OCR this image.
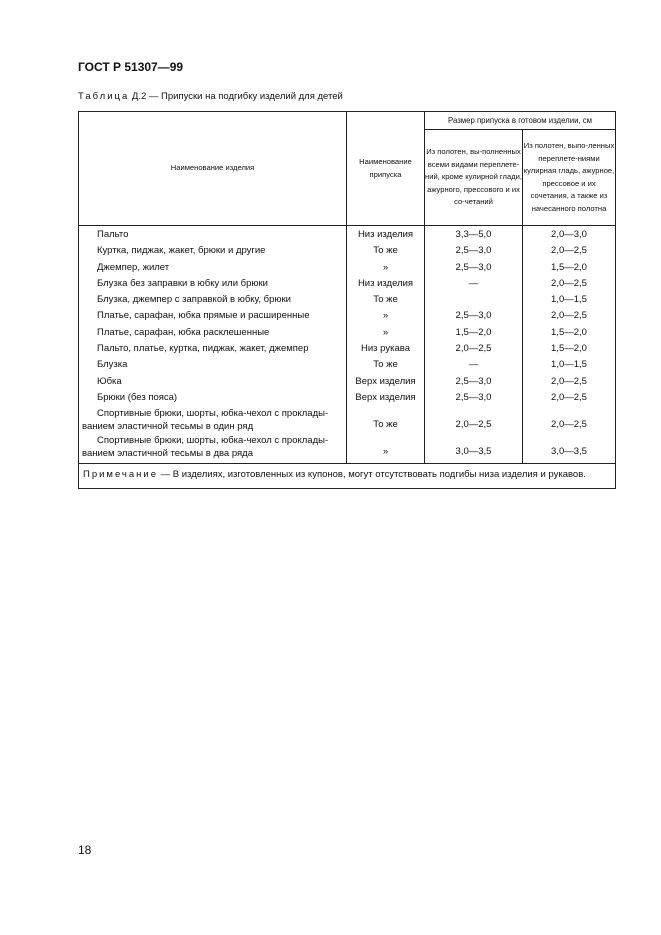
ГОСТ Р 51307—99

Таблица Д.2 — Припуски на подгибку изделий для детей

Наименование изделия	Наименование припуска	Размер припуска в готовом изделии, см	
		Из полотен, вы-полненных всеми видами переплете-ний, кроме кулирной глади, ажурного, прессового и их со-четаний	Из полотен, выпо-ленных переплете-ниями кулирная гладь, ажурное, прессовое и их сочетания, а также из начесанного полотна
Пальто	Низ изделия	3,3—5,0	2,0—3,0
Куртка, пиджак, жакет, брюки и другие	То же	2,5—3,0	2,0—2,5
Джемпер, жилет	»	2,5—3,0	1,5—2,0
Блузка без заправки в юбку или брюки	Низ изделия	—	2,0—2,5
Блузка, джемпер с заправкой в юбку, брюки	То же		1,0—1,5
Платье, сарафан, юбка прямые и расширенные	»	2,5—3,0	2,0—2,5
Платье, сарафан, юбка расклешенные	»	1,5—2,0	1,5—2,0
Пальто, платье, куртка, пиджак, жакет, джемпер	Низ рукава	2,0—2,5	1,5—2,0
Блузка	То же	—	1,0—1,5
Юбка	Верх изделия	2,5—3,0	2,0—2,5
Брюки (без пояса)	Верх изделия	2,5—3,0	2,0—2,5
Спортивные брюки, шорты, юбка-чехол с проклады-ванием эластичной тесьмы в один ряд	То же	2,0—2,5	2,0—2,5
Спортивные брюки, шорты, юбка-чехол с проклады-ванием эластичной тесьмы в два ряда	»	3,0—3,5	3,0—3,5
Примечание — В изделиях, изготовленных из купонов, могут отсутствовать подгибы низа изделия и рукавов.			

18
